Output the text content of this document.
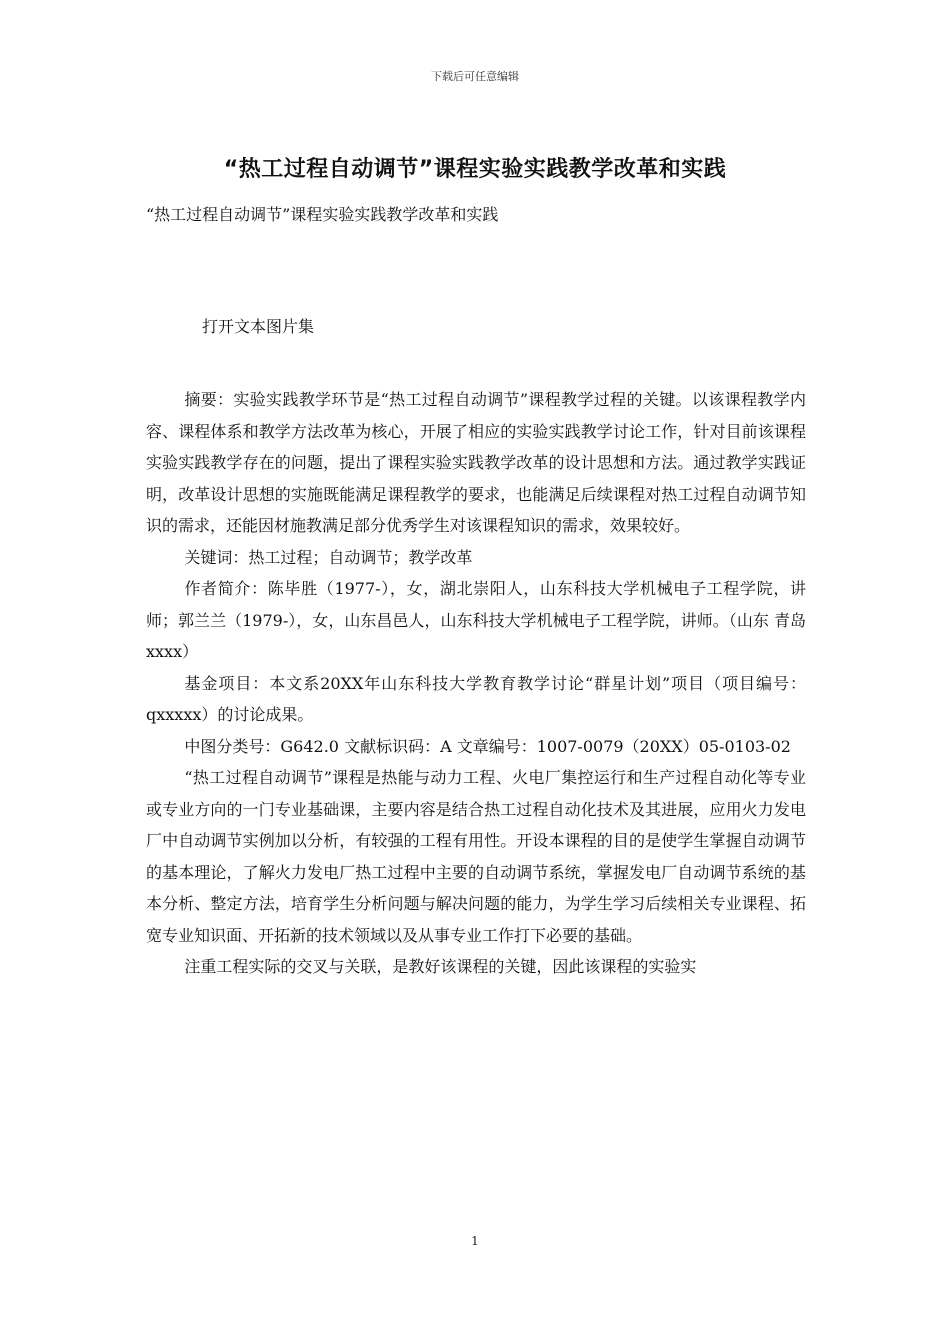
下载后可任意编辑
“热工过程自动调节”课程实验实践教学改革和实践
“热工过程自动调节”课程实验实践教学改革和实践
打开文本图片集

摘要：实验实践教学环节是“热工过程自动调节”课程教学过程的关键。以该课程教学内容、课程体系和教学方法改革为核心，开展了相应的实验实践教学讨论工作，针对目前该课程实验实践教学存在的问题，提出了课程实验实践教学改革的设计思想和方法。通过教学实践证明，改革设计思想的实施既能满足课程教学的要求，也能满足后续课程对热工过程自动调节知识的需求，还能因材施教满足部分优秀学生对该课程知识的需求，效果较好。

关键词：热工过程；自动调节；教学改革

作者简介：陈毕胜（1977-），女，湖北崇阳人，山东科技大学机械电子工程学院，讲师；郭兰兰（1979-），女，山东昌邑人，山东科技大学机械电子工程学院，讲师。（山东 青岛 xxxx）

基金项目：本文系20XX年山东科技大学教育教学讨论“群星计划”项目（项目编号：qxxxxx）的讨论成果。

中图分类号：G642.0 文献标识码：A 文章编号：1007-0079（20XX）05-0103-02

“热工过程自动调节”课程是热能与动力工程、火电厂集控运行和生产过程自动化等专业或专业方向的一门专业基础课，主要内容是结合热工过程自动化技术及其进展，应用火力发电厂中自动调节实例加以分析，有较强的工程有用性。开设本课程的目的是使学生掌握自动调节的基本理论，了解火力发电厂热工过程中主要的自动调节系统，掌握发电厂自动调节系统的基本分析、整定方法，培育学生分析问题与解决问题的能力，为学生学习后续相关专业课程、拓宽专业知识面、开拓新的技术领域以及从事专业工作打下必要的基础。

注重工程实际的交叉与关联，是教好该课程的关键，因此该课程的实验实

1
